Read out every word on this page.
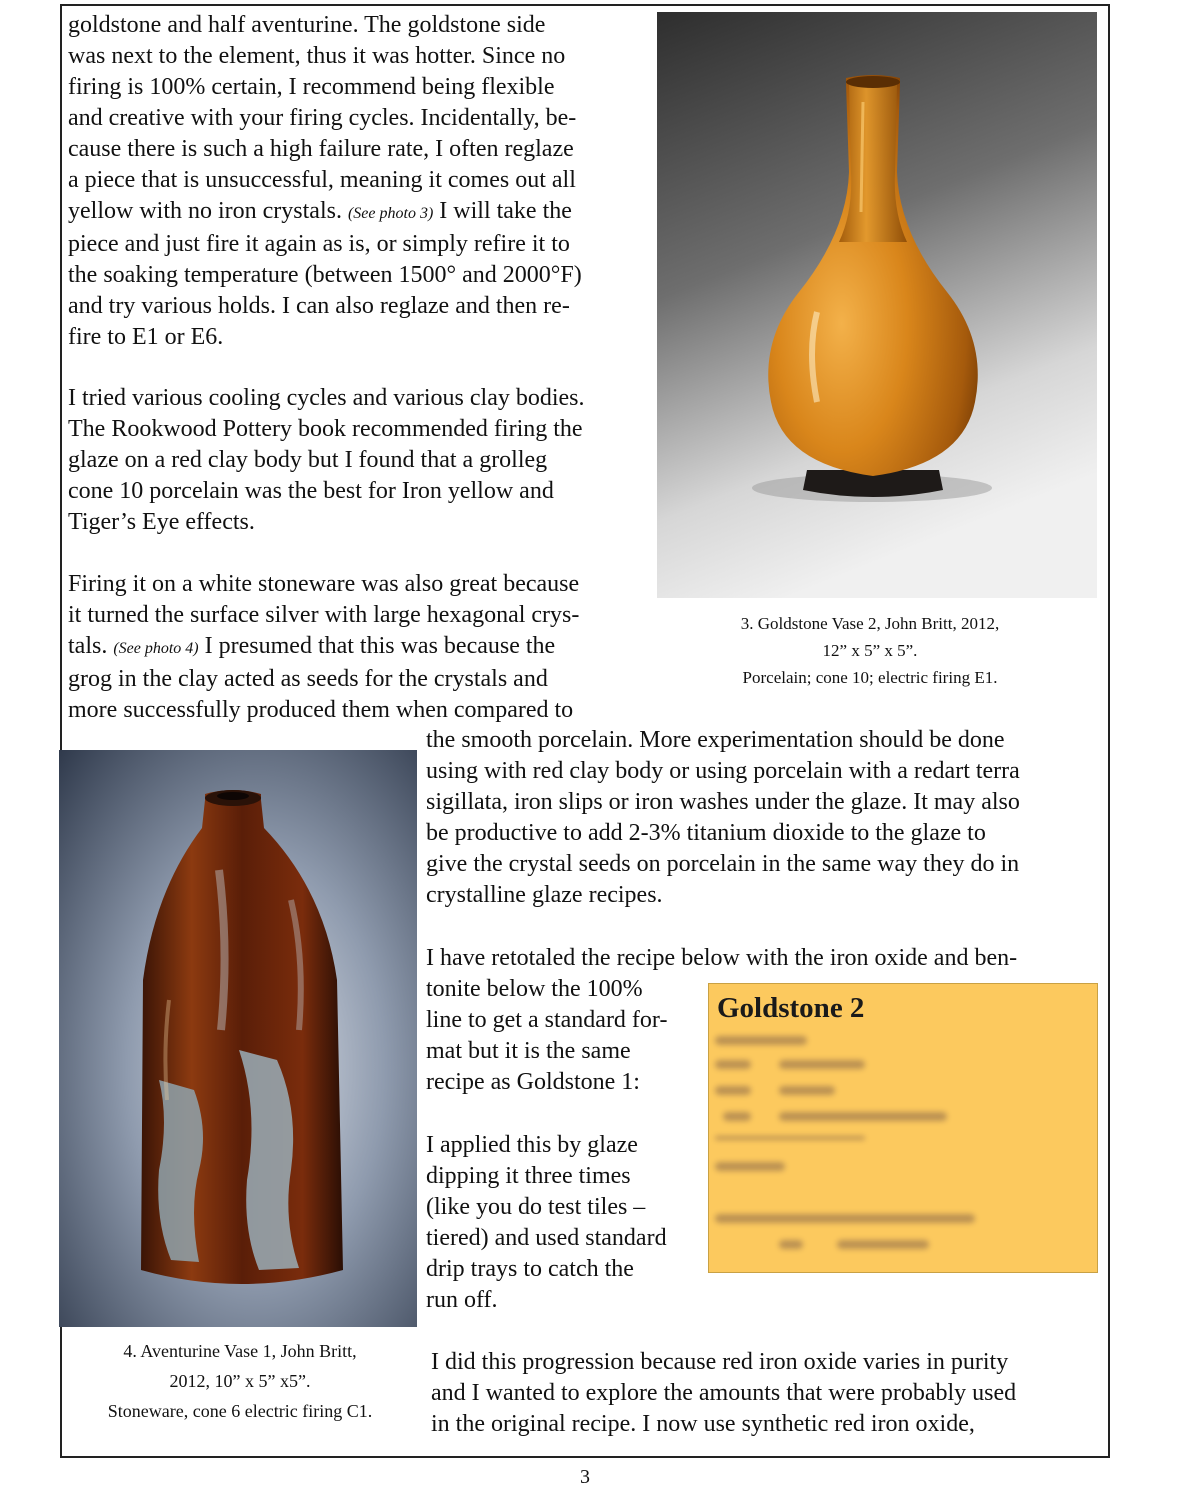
goldstone and half aventurine. The goldstone side
was next to the element, thus it was hotter. Since no
firing is 100% certain, I recommend being flexible
and creative with your firing cycles. Incidentally, be-
cause there is such a high failure rate, I often reglaze
a piece that is unsuccessful, meaning it comes out all
yellow with no iron crystals. (See photo 3) I will take the
piece and just fire it again as is, or simply refire it to
the soaking temperature (between 1500° and 2000°F)
and try various holds. I can also reglaze and then re-
fire to E1 or E6.
I tried various cooling cycles and various clay bodies.
The Rookwood Pottery book recommended firing the
glaze on a red clay body but I found that a grolleg
cone 10 porcelain was the best for Iron yellow and
Tiger’s Eye effects.
Firing it on a white stoneware was also great because
it turned the surface silver with large hexagonal crys-
tals. (See photo 4) I presumed that this was because the
grog in the clay acted as seeds for the crystals and
more successfully produced them when compared to
the smooth porcelain. More experimentation should be done
using with red clay body or using porcelain with a redart terra
sigillata, iron slips or iron washes under the glaze. It may also
be productive to add 2-3% titanium dioxide to the glaze to
give the crystal seeds on porcelain in the same way they do in
crystalline glaze recipes.
I have retotaled the recipe below with the iron oxide and ben-
tonite below the 100%
line to get a standard for-
mat but it is the same
recipe as Goldstone 1:
I applied this by glaze
dipping it three times
(like you do test tiles –
tiered) and used standard
drip trays to catch the
run off.
I did this progression because red iron oxide varies in purity
and I wanted to explore the amounts that were probably used
in the original recipe. I now use synthetic red iron oxide,
3. Goldstone Vase 2, John Britt, 2012,
12” x 5” x 5”.
Porcelain; cone 10; electric firing E1.
4. Aventurine Vase 1, John Britt,
2012, 10” x 5” x5”.
Stoneware, cone 6 electric firing C1.
Goldstone 2
3
